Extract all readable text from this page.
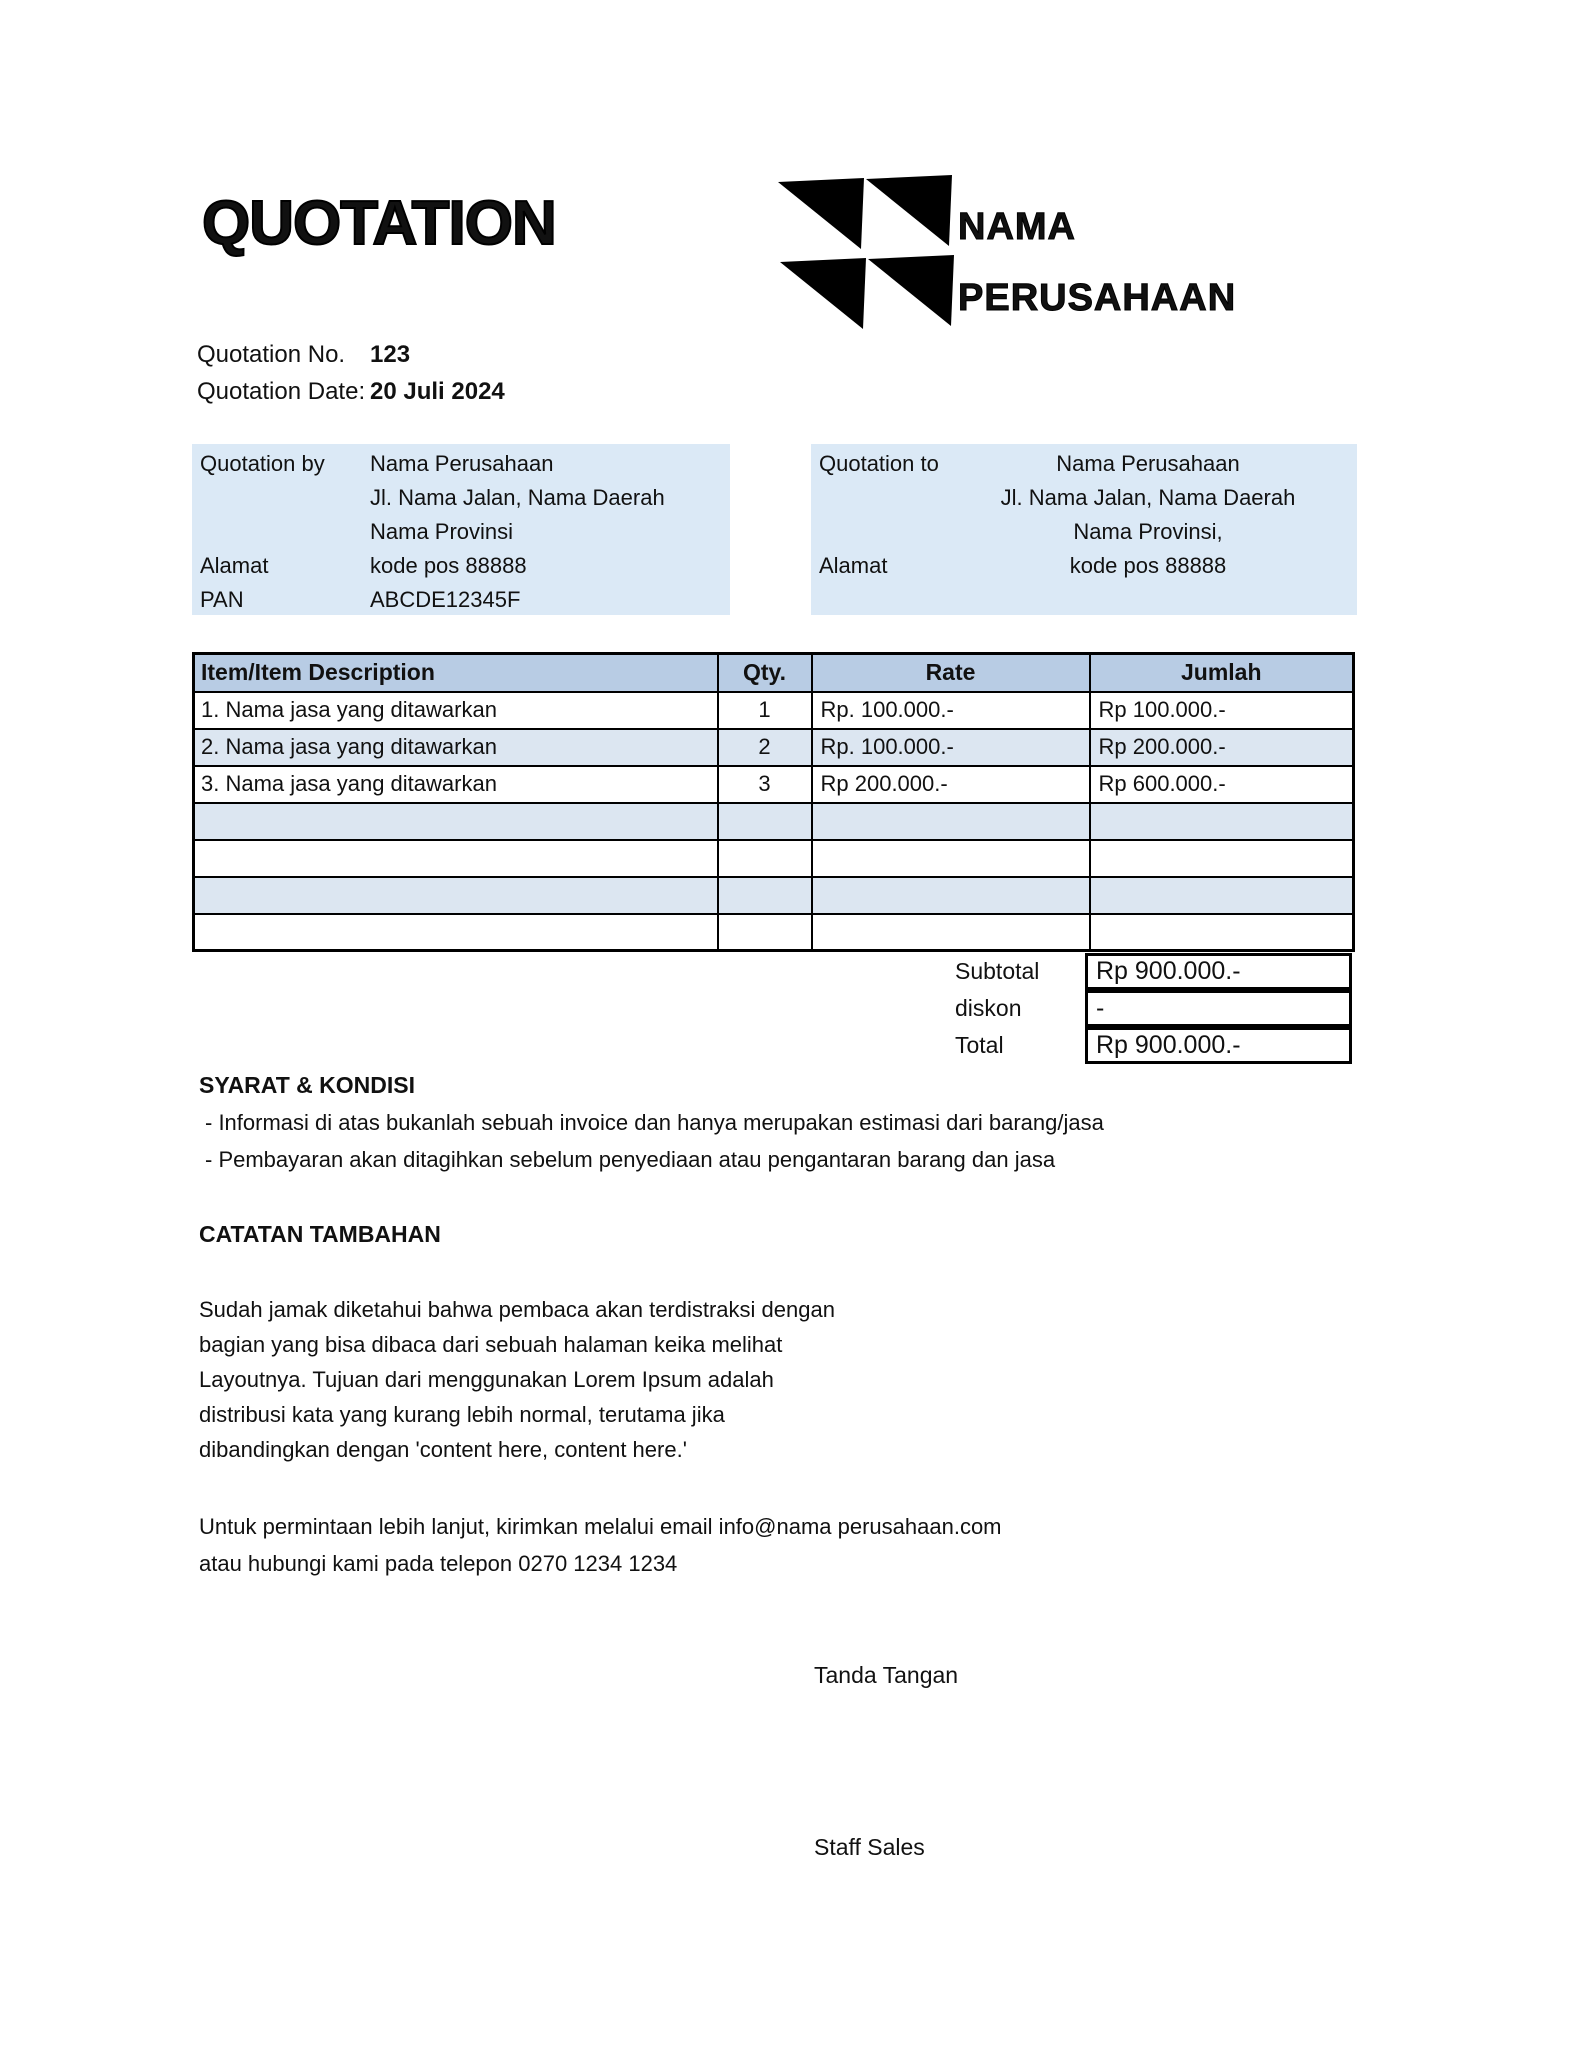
QUOTATION	NAMA
PERUSAHAAN
Quotation No. 123
Quotation Date: 20 Juli 2024
Quotation by	Nama Perusahaan
Jl. Nama Jalan, Nama Daerah
Nama Provinsi
Alamat	kode pos 88888
PAN	ABCDE12345F
Quotation to	Nama Perusahaan
Jl. Nama Jalan, Nama Daerah
Nama Provinsi,
Alamat	kode pos 88888
Item/Item Description	Qty.	Rate	Jumlah
1. Nama jasa yang ditawarkan	1	Rp. 100.000.-	Rp 100.000.-
2. Nama jasa yang ditawarkan	2	Rp. 100.000.-	Rp 200.000.-
3. Nama jasa yang ditawarkan	3	Rp 200.000.-	Rp 600.000.-

Subtotal	Rp 900.000.-
diskon	-
Total	Rp 900.000.-
SYARAT & KONDISI
- Informasi di atas bukanlah sebuah invoice dan hanya merupakan estimasi dari barang/jasa
- Pembayaran akan ditagihkan sebelum penyediaan atau pengantaran barang dan jasa
CATATAN TAMBAHAN
Sudah jamak diketahui bahwa pembaca akan terdistraksi dengan
bagian yang bisa dibaca dari sebuah halaman keika melihat
Layoutnya. Tujuan dari menggunakan Lorem Ipsum adalah
distribusi kata yang kurang lebih normal, terutama jika
dibandingkan dengan 'content here, content here.'
Untuk permintaan lebih lanjut, kirimkan melalui email info@nama perusahaan.com
atau hubungi kami pada telepon 0270 1234 1234
Tanda Tangan
Staff Sales
